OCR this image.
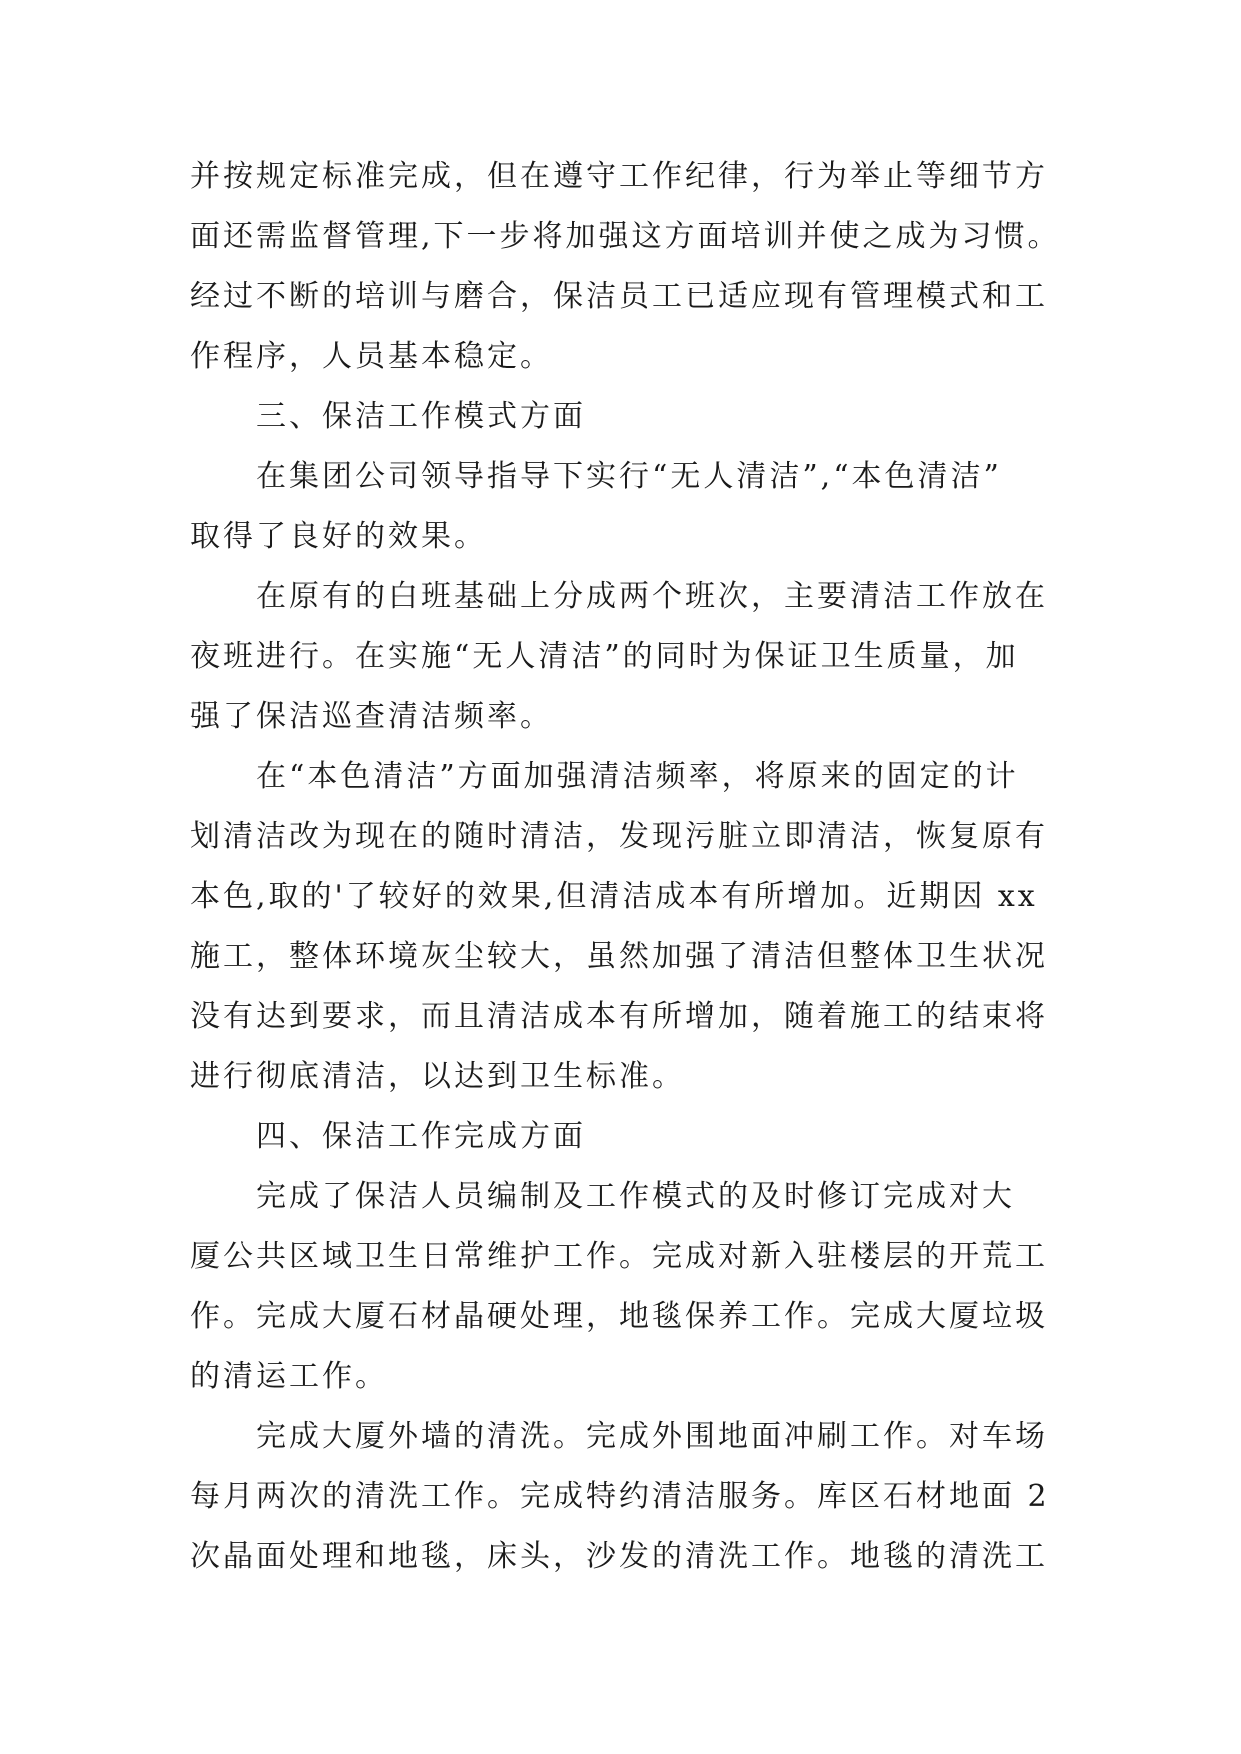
并按规定标准完成，但在遵守工作纪律，行为举止等细节方
面还需监督管理,下一步将加强这方面培训并使之成为习惯。
经过不断的培训与磨合，保洁员工已适应现有管理模式和工
作程序，人员基本稳定。
三、保洁工作模式方面
在集团公司领导指导下实行“无人清洁”,“本色清洁”
取得了良好的效果。
在原有的白班基础上分成两个班次，主要清洁工作放在
夜班进行。在实施“无人清洁”的同时为保证卫生质量，加
强了保洁巡查清洁频率。
在“本色清洁”方面加强清洁频率，将原来的固定的计
划清洁改为现在的随时清洁，发现污脏立即清洁，恢复原有
本色,取的'了较好的效果,但清洁成本有所增加。近期因 xx
施工，整体环境灰尘较大，虽然加强了清洁但整体卫生状况
没有达到要求，而且清洁成本有所增加，随着施工的结束将
进行彻底清洁，以达到卫生标准。
四、保洁工作完成方面
完成了保洁人员编制及工作模式的及时修订完成对大
厦公共区域卫生日常维护工作。完成对新入驻楼层的开荒工
作。完成大厦石材晶硬处理，地毯保养工作。完成大厦垃圾
的清运工作。
完成大厦外墙的清洗。完成外围地面冲刷工作。对车场
每月两次的清洗工作。完成特约清洁服务。库区石材地面 2
次晶面处理和地毯，床头，沙发的清洗工作。地毯的清洗工
